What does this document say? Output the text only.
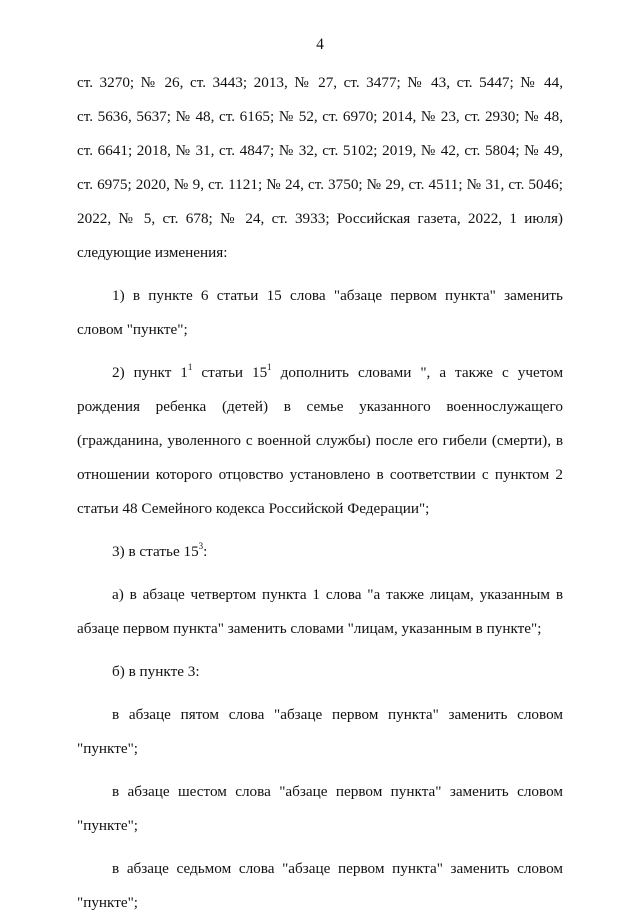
4
ст. 3270; № 26, ст. 3443; 2013, № 27, ст. 3477; № 43, ст. 5447; № 44,
ст. 5636, 5637; № 48, ст. 6165; № 52, ст. 6970; 2014, № 23, ст. 2930; № 48,
ст. 6641; 2018, № 31, ст. 4847; № 32, ст. 5102; 2019, № 42, ст. 5804; № 49,
ст. 6975; 2020, № 9, ст. 1121; № 24, ст. 3750; № 29, ст. 4511; № 31, ст. 5046;
2022, № 5, ст. 678; № 24, ст. 3933; Российская газета, 2022, 1 июля)
следующие изменения:
1) в пункте 6 статьи 15 слова "абзаце первом пункта" заменить
словом "пункте";
2) пункт $1^1$ статьи $15^1$ дополнить словами ", а также с учетом
рождения ребенка (детей) в семье указанного военнослужащего
(гражданина, уволенного с военной службы) после его гибели (смерти), в
отношении которого отцовство установлено в соответствии с пунктом 2
статьи 48 Семейного кодекса Российской Федерации";
3) в статье $15^3$:
а) в абзаце четвертом пункта 1 слова "а также лицам, указанным в
абзаце первом пункта" заменить словами "лицам, указанным в пункте";
б) в пункте 3:
в абзаце пятом слова "абзаце первом пункта" заменить словом
"пункте";
в абзаце шестом слова "абзаце первом пункта" заменить словом
"пункте";
в абзаце седьмом слова "абзаце первом пункта" заменить словом
"пункте";
